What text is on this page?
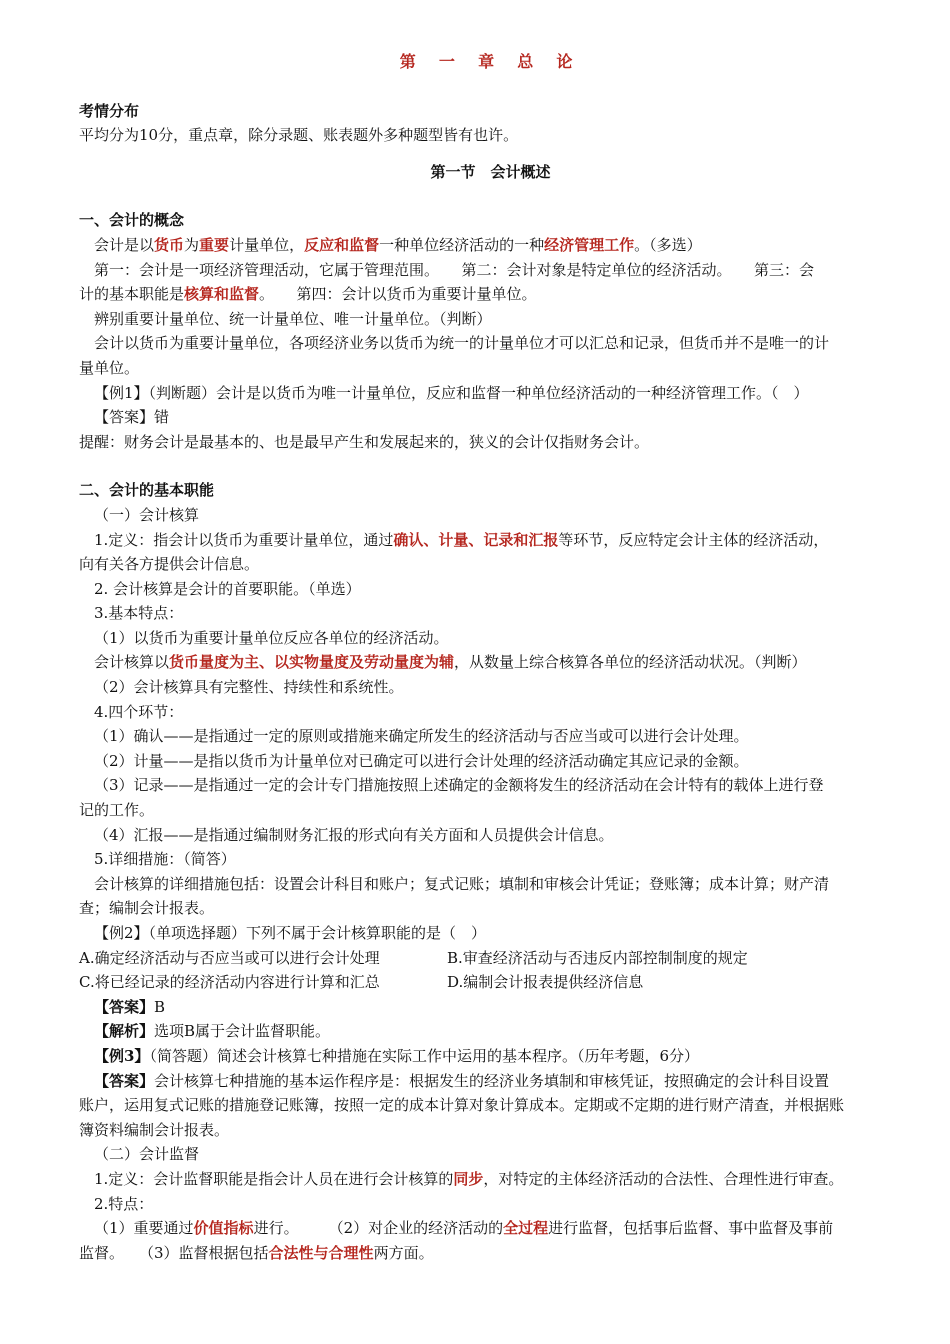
第 一 章 总 论
考情分布
平均分为10分，重点章，除分录题、账表题外多种题型皆有也许。
第一节　会计概述
一、会计的概念
会计是以货币为重要计量单位，反应和监督一种单位经济活动的一种经济管理工作。（多选）
第一：会计是一项经济管理活动，它属于管理范围。　　第二：会计对象是特定单位的经济活动。　　第三：会
计的基本职能是核算和监督。　　第四：会计以货币为重要计量单位。
辨别重要计量单位、统一计量单位、唯一计量单位。（判断）
会计以货币为重要计量单位，各项经济业务以货币为统一的计量单位才可以汇总和记录，但货币并不是唯一的计
量单位。
【例1】（判断题）会计是以货币为唯一计量单位，反应和监督一种单位经济活动的一种经济管理工作。（　）
【答案】错
提醒：财务会计是最基本的、也是最早产生和发展起来的，狭义的会计仅指财务会计。
二、会计的基本职能
（一）会计核算
1.定义：指会计以货币为重要计量单位，通过确认、计量、记录和汇报等环节，反应特定会计主体的经济活动，
向有关各方提供会计信息。
2. 会计核算是会计的首要职能。（单选）
3.基本特点：
（1）以货币为重要计量单位反应各单位的经济活动。
会计核算以货币量度为主、以实物量度及劳动量度为辅，从数量上综合核算各单位的经济活动状况。（判断）
（2）会计核算具有完整性、持续性和系统性。
4.四个环节：
（1）确认——是指通过一定的原则或措施来确定所发生的经济活动与否应当或可以进行会计处理。
（2）计量——是指以货币为计量单位对已确定可以进行会计处理的经济活动确定其应记录的金额。
（3）记录——是指通过一定的会计专门措施按照上述确定的金额将发生的经济活动在会计特有的载体上进行登
记的工作。
（4）汇报——是指通过编制财务汇报的形式向有关方面和人员提供会计信息。
5.详细措施：（简答）
会计核算的详细措施包括：设置会计科目和账户；复式记账；填制和审核会计凭证；登账簿；成本计算；财产清
查；编制会计报表。
【例2】（单项选择题）下列不属于会计核算职能的是（　）
A.确定经济活动与否应当或可以进行会计处理	B.审查经济活动与否违反内部控制制度的规定
C.将已经记录的经济活动内容进行计算和汇总	D.编制会计报表提供经济信息
【答案】B
【解析】选项B属于会计监督职能。
【例3】（简答题）简述会计核算七种措施在实际工作中运用的基本程序。（历年考题，6分）
【答案】会计核算七种措施的基本运作程序是：根据发生的经济业务填制和审核凭证，按照确定的会计科目设置
账户，运用复式记账的措施登记账簿，按照一定的成本计算对象计算成本。定期或不定期的进行财产清查，并根据账
簿资料编制会计报表。
（二）会计监督
1.定义：会计监督职能是指会计人员在进行会计核算的同步，对特定的主体经济活动的合法性、合理性进行审查。
2.特点：
（1）重要通过价值指标进行。　　　（2）对企业的经济活动的全过程进行监督，包括事后监督、事中监督及事前
监督。　　（3）监督根据包括合法性与合理性两方面。
